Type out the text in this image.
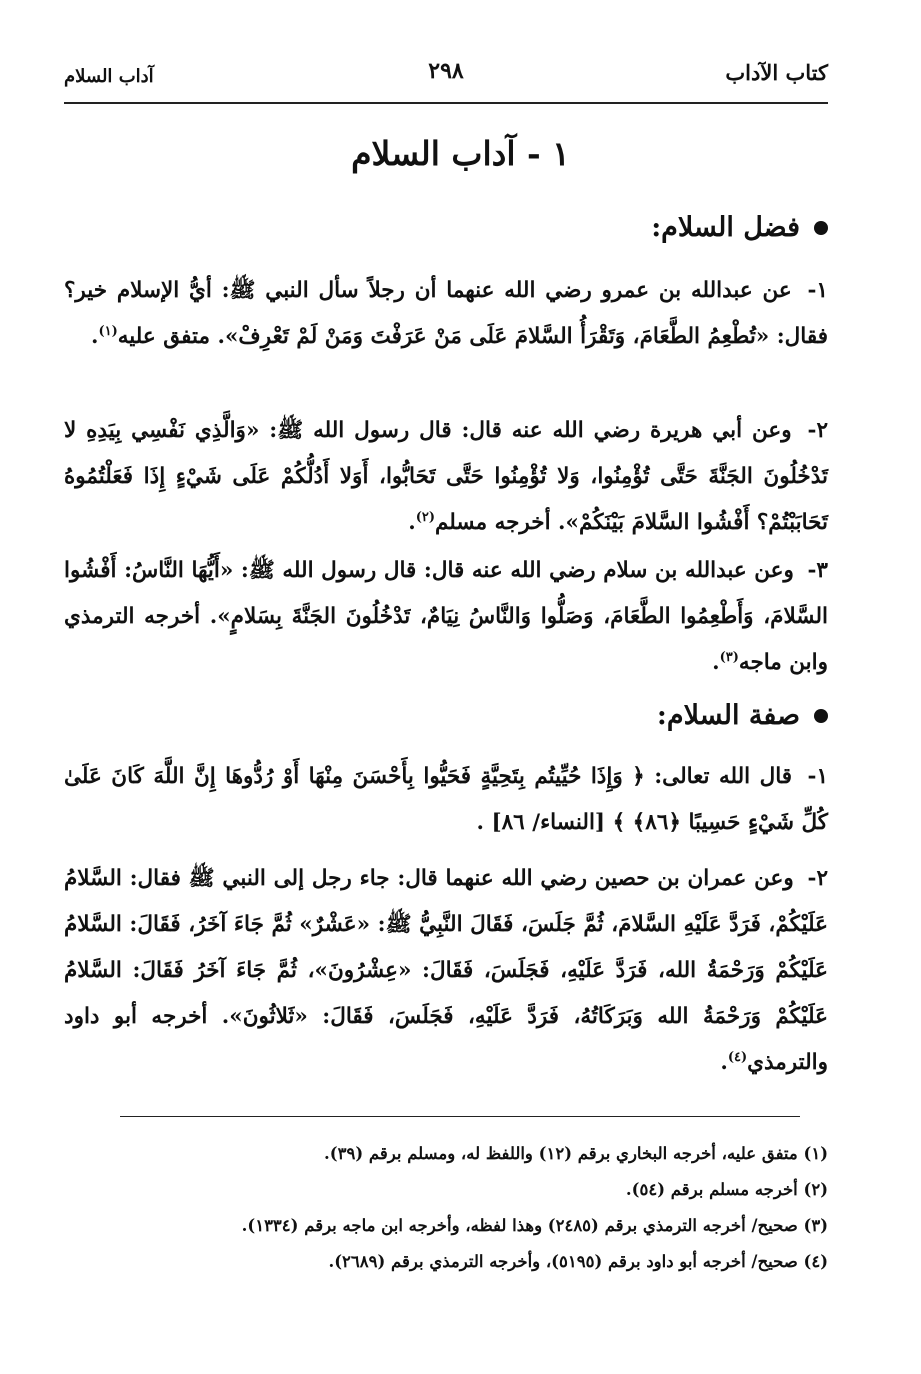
كتاب الآداب
٢٩٨
آداب السلام
١ - آداب السلام
فضل السلام:

١- عن عبدالله بن عمرو رضي الله عنهما أن رجلاً سأل النبي ﷺ: أيُّ الإسلام خير؟ فقال: «تُطْعِمُ الطَّعَامَ، وَتَقْرَأُ السَّلامَ عَلَى مَنْ عَرَفْتَ وَمَنْ لَمْ تَعْرِفْ». متفق عليه$^{(١)}$.

٢- وعن أبي هريرة رضي الله عنه قال: قال رسول الله ﷺ: «وَالَّذِي نَفْسِي بِيَدِهِ لا تَدْخُلُونَ الجَنَّةَ حَتَّى تُؤْمِنُوا، وَلا تُؤْمِنُوا حَتَّى تَحَابُّوا، أَوَلا أَدُلُّكُمْ عَلَى شَيْءٍ إِذَا فَعَلْتُمُوهُ تَحَابَبْتُمْ؟ أَفْشُوا السَّلامَ بَيْنَكُمْ». أخرجه مسلم$^{(٢)}$.

٣- وعن عبدالله بن سلام رضي الله عنه قال: قال رسول الله ﷺ: «أَيُّهَا النَّاسُ: أَفْشُوا السَّلامَ، وَأَطْعِمُوا الطَّعَامَ، وَصَلُّوا وَالنَّاسُ نِيَامٌ، تَدْخُلُونَ الجَنَّةَ بِسَلامٍ». أخرجه الترمذي وابن ماجه$^{(٣)}$.

صفة السلام:

١- قال الله تعالى: ﴿ وَإِذَا حُيِّيتُم بِتَحِيَّةٍ فَحَيُّوا بِأَحْسَنَ مِنْهَا أَوْ رُدُّوهَا إِنَّ اللَّهَ كَانَ عَلَىٰ كُلِّ شَيْءٍ حَسِيبًا ﴿٨٦﴾ ﴾ [النساء/ ٨٦] .

٢- وعن عمران بن حصين رضي الله عنهما قال: جاء رجل إلى النبي ﷺ فقال: السَّلامُ عَلَيْكُمْ، فَرَدَّ عَلَيْهِ السَّلامَ، ثُمَّ جَلَسَ، فَقَالَ النَّبِيُّ ﷺ: «عَشْرٌ» ثُمَّ جَاءَ آخَرُ، فَقَالَ: السَّلامُ عَلَيْكُمْ وَرَحْمَةُ الله، فَرَدَّ عَلَيْهِ، فَجَلَسَ، فَقَالَ: «عِشْرُونَ»، ثُمَّ جَاءَ آخَرُ فَقَالَ: السَّلامُ عَلَيْكُمْ وَرَحْمَةُ الله وَبَرَكَاتُهُ، فَرَدَّ عَلَيْهِ، فَجَلَسَ، فَقَالَ: «ثَلاثُونَ». أخرجه أبو داود والترمذي$^{(٤)}$.

(١) متفق عليه، أخرجه البخاري برقم (١٢) واللفظ له، ومسلم برقم (٣٩).
(٢) أخرجه مسلم برقم (٥٤).
(٣) صحيح/ أخرجه الترمذي برقم (٢٤٨٥) وهذا لفظه، وأخرجه ابن ماجه برقم (١٣٣٤).
(٤) صحيح/ أخرجه أبو داود برقم (٥١٩٥)، وأخرجه الترمذي برقم (٢٦٨٩).
